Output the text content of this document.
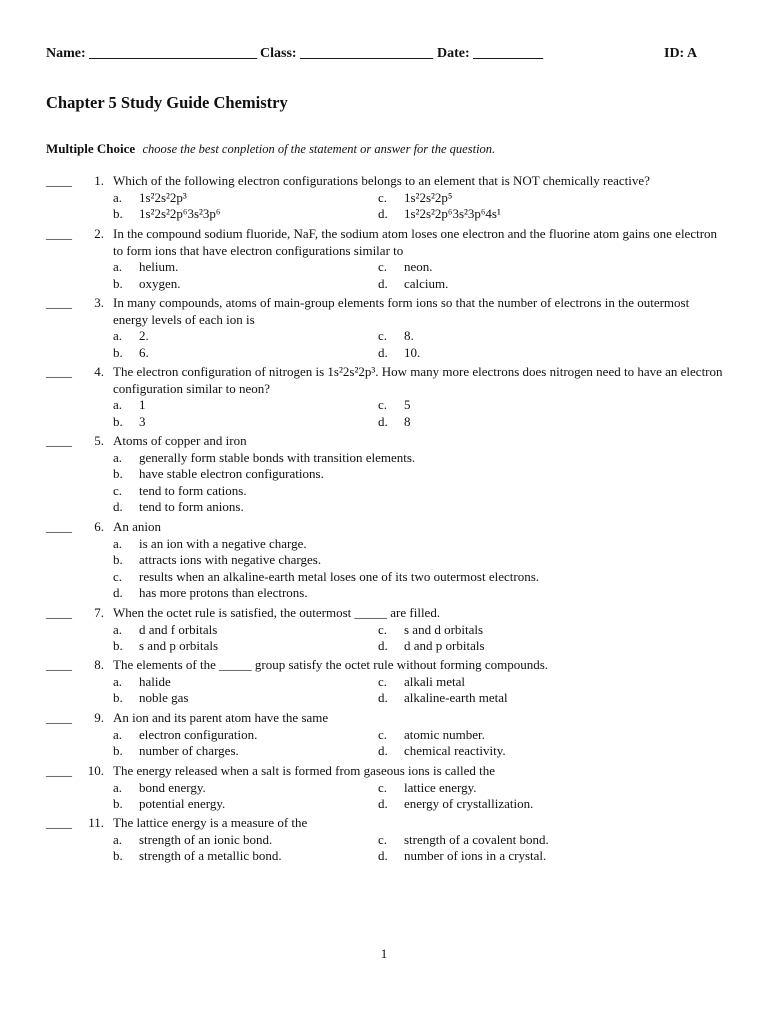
Name: ________________________ Class: ___________________ Date: __________	ID: A
Chapter 5 Study Guide Chemistry
Multiple Choice choose the best conpletion of the statement or answer for the question.
____	1. Which of the following electron configurations belongs to an element that is NOT chemically reactive?
a. 1s²2s²2p³
b. 1s²2s²2p⁶3s²3p⁶
c. 1s²2s²2p⁵
d. 1s²2s²2p⁶3s²3p⁶4s¹
____	2. In the compound sodium fluoride, NaF, the sodium atom loses one electron and the fluorine atom gains one electron to form ions that have electron configurations similar to
a. helium.
b. oxygen.
c. neon.
d. calcium.
____	3. In many compounds, atoms of main-group elements form ions so that the number of electrons in the outermost energy levels of each ion is
a. 2.
b. 6.
c. 8.
d. 10.
____	4. The electron configuration of nitrogen is 1s²2s²2p³. How many more electrons does nitrogen need to have an electron configuration similar to neon?
a. 1
b. 3
c. 5
d. 8
____	5. Atoms of copper and iron
a. generally form stable bonds with transition elements.
b. have stable electron configurations.
c. tend to form cations.
d. tend to form anions.
____	6. An anion
a. is an ion with a negative charge.
b. attracts ions with negative charges.
c. results when an alkaline-earth metal loses one of its two outermost electrons.
d. has more protons than electrons.
____	7. When the octet rule is satisfied, the outermost _____ are filled.
a. d and f orbitals
b. s and p orbitals
c. s and d orbitals
d. d and p orbitals
____	8. The elements of the _____ group satisfy the octet rule without forming compounds.
a. halide
b. noble gas
c. alkali metal
d. alkaline-earth metal
____	9. An ion and its parent atom have the same
a. electron configuration.
b. number of charges.
c. atomic number.
d. chemical reactivity.
____	10. The energy released when a salt is formed from gaseous ions is called the
a. bond energy.
b. potential energy.
c. lattice energy.
d. energy of crystallization.
____	11. The lattice energy is a measure of the
a. strength of an ionic bond.
b. strength of a metallic bond.
c. strength of a covalent bond.
d. number of ions in a crystal.
1
